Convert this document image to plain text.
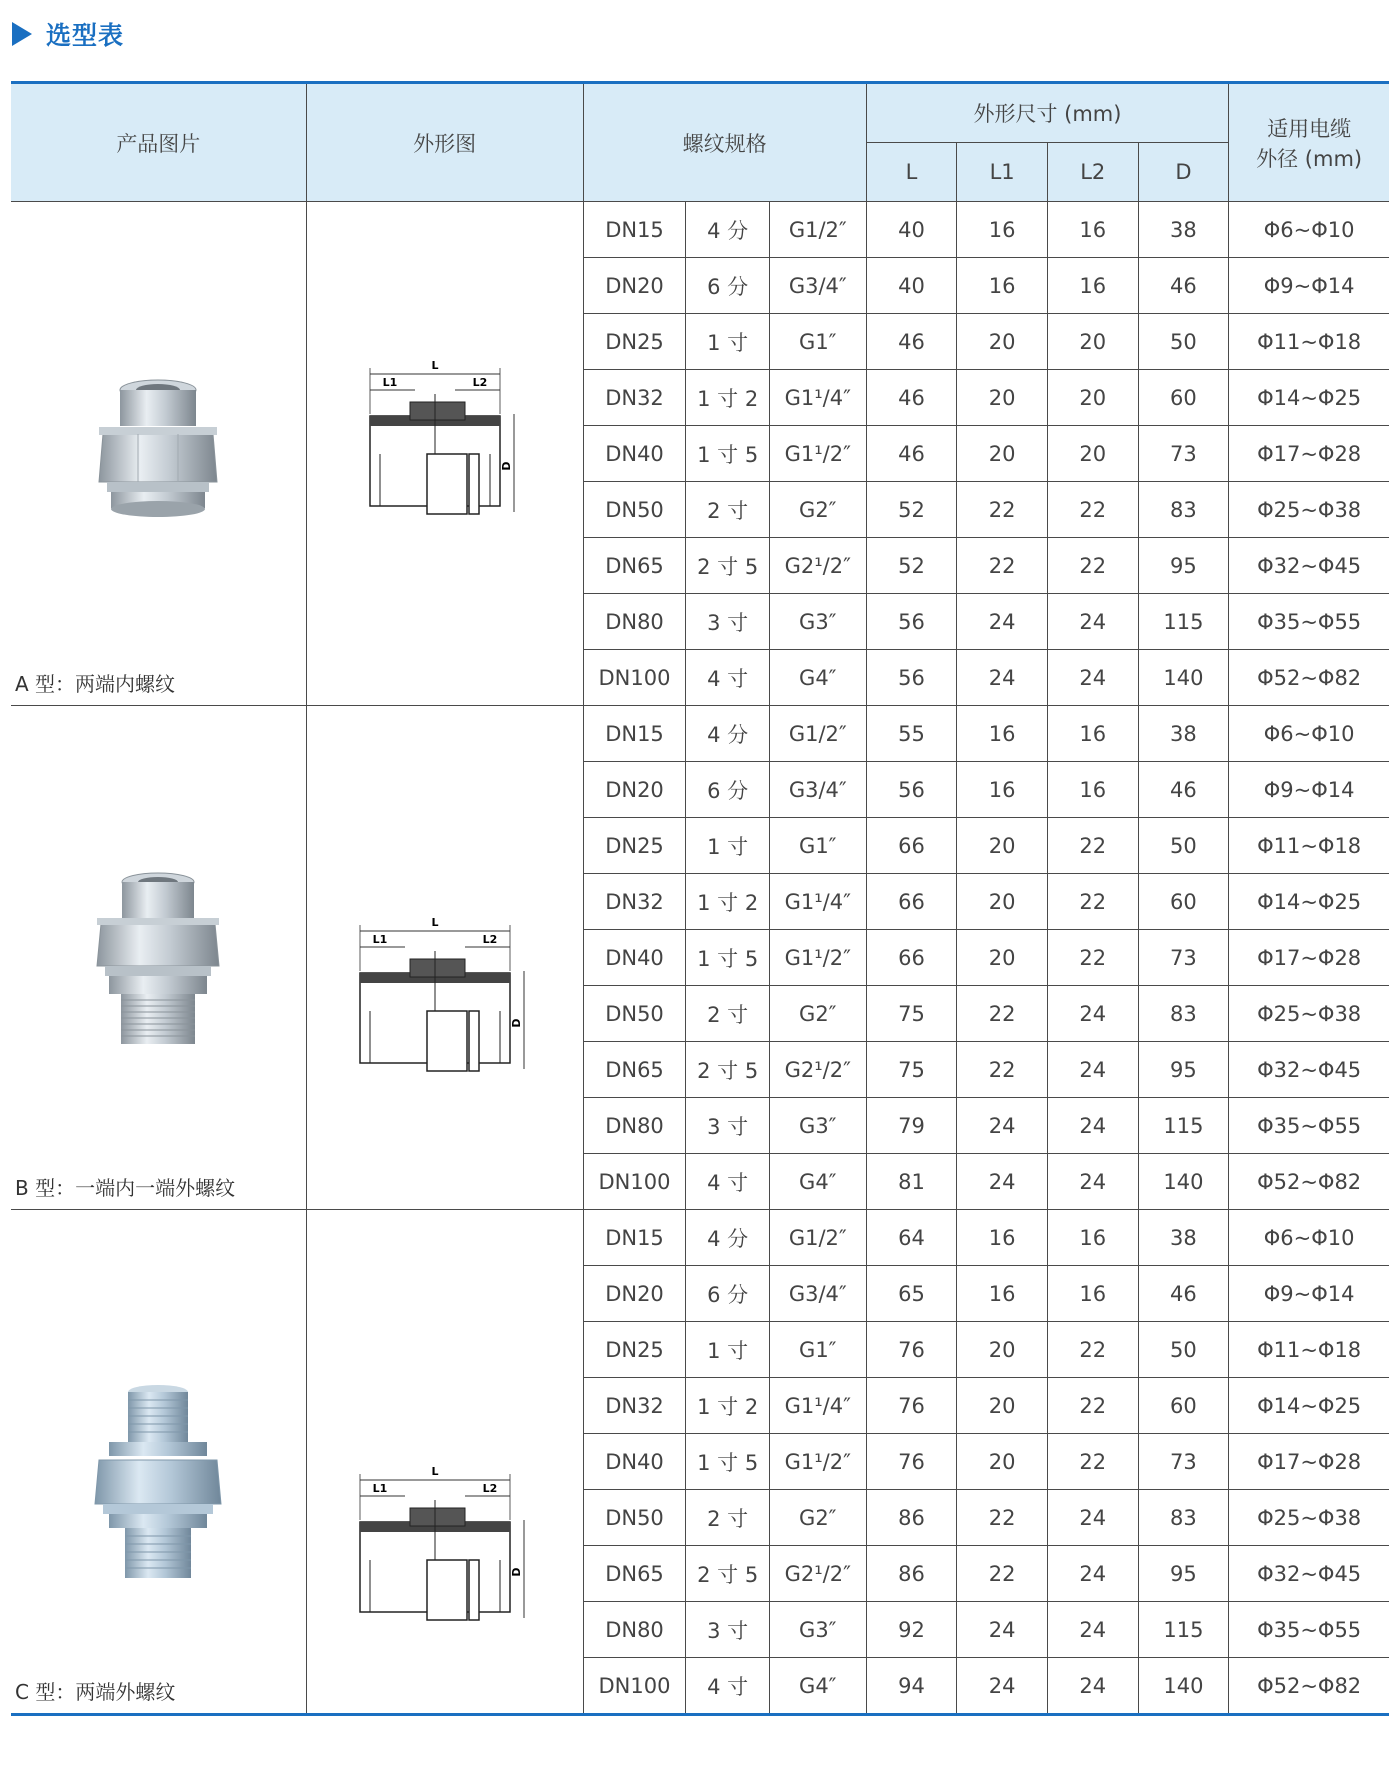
选型表
产品图片	外形图	螺纹规格			外形尺寸 (mm)				适用电缆
外径 (mm)

					L	L1	L2	D	

A 型：两端内螺纹	L
L1 L2
D	DN15	4 分	G1/2″	40	16	16	38	Φ6~Φ10
		DN20	6 分	G3/4″	40	16	16	46	Φ9~Φ14
		DN25	1 寸	G1″	46	20	20	50	Φ11~Φ18
		DN32	1 寸 2	G1¹/4″	46	20	20	60	Φ14~Φ25
		DN40	1 寸 5	G1¹/2″	46	20	20	73	Φ17~Φ28
		DN50	2 寸	G2″	52	22	22	83	Φ25~Φ38
		DN65	2 寸 5	G2¹/2″	52	22	22	95	Φ32~Φ45
		DN80	3 寸	G3″	56	24	24	115	Φ35~Φ55
		DN100	4 寸	G4″	56	24	24	140	Φ52~Φ82

B 型：一端内一端外螺纹	L
L1 L2
D	DN15	4 分	G1/2″	55	16	16	38	Φ6~Φ10
		DN20	6 分	G3/4″	56	16	16	46	Φ9~Φ14
		DN25	1 寸	G1″	66	20	22	50	Φ11~Φ18
		DN32	1 寸 2	G1¹/4″	66	20	22	60	Φ14~Φ25
		DN40	1 寸 5	G1¹/2″	66	20	22	73	Φ17~Φ28
		DN50	2 寸	G2″	75	22	24	83	Φ25~Φ38
		DN65	2 寸 5	G2¹/2″	75	22	24	95	Φ32~Φ45
		DN80	3 寸	G3″	79	24	24	115	Φ35~Φ55
		DN100	4 寸	G4″	81	24	24	140	Φ52~Φ82

C 型：两端外螺纹	L
L1 L2
D	DN15	4 分	G1/2″	64	16	16	38	Φ6~Φ10
		DN20	6 分	G3/4″	65	16	16	46	Φ9~Φ14
		DN25	1 寸	G1″	76	20	22	50	Φ11~Φ18
		DN32	1 寸 2	G1¹/4″	76	20	22	60	Φ14~Φ25
		DN40	1 寸 5	G1¹/2″	76	20	22	73	Φ17~Φ28
		DN50	2 寸	G2″	86	22	24	83	Φ25~Φ38
		DN65	2 寸 5	G2¹/2″	86	22	24	95	Φ32~Φ45
		DN80	3 寸	G3″	92	24	24	115	Φ35~Φ55
		DN100	4 寸	G4″	94	24	24	140	Φ52~Φ82
